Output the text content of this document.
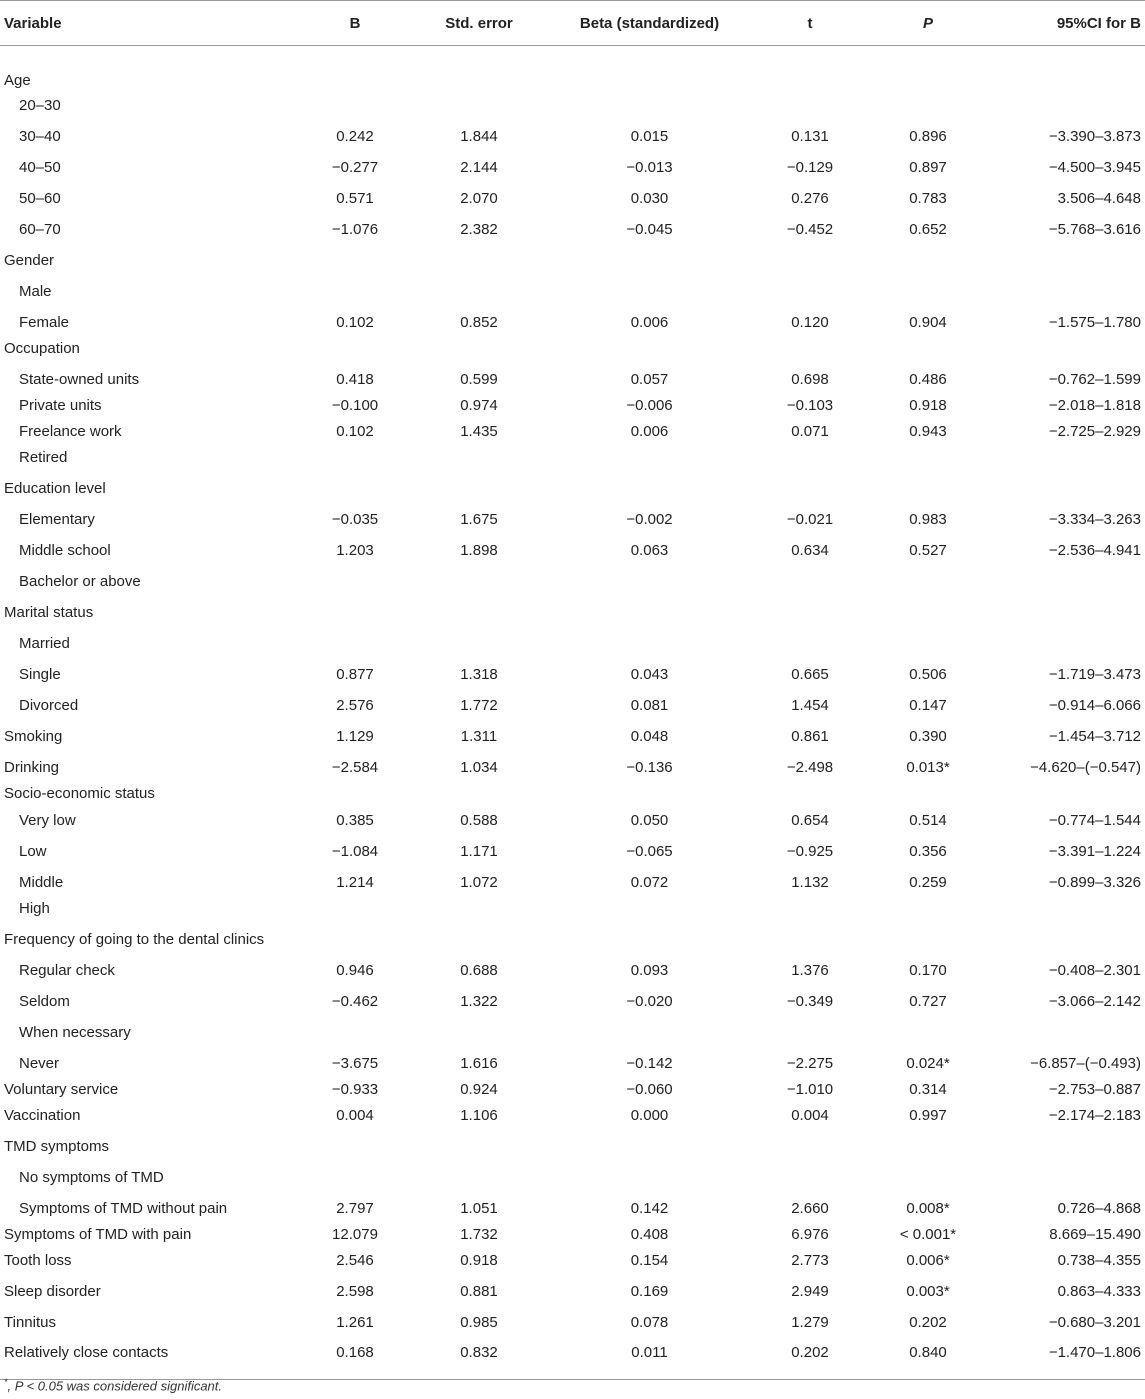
Variable	B	Std. error	Beta (standardized)	t	P	95%CI for B
Age						
20–30						
30–40	0.242	1.844	0.015	0.131	0.896	−3.390–3.873
40–50	−0.277	2.144	−0.013	−0.129	0.897	−4.500–3.945
50–60	0.571	2.070	0.030	0.276	0.783	3.506–4.648
60–70	−1.076	2.382	−0.045	−0.452	0.652	−5.768–3.616
Gender						
Male						
Female	0.102	0.852	0.006	0.120	0.904	−1.575–1.780
Occupation						
State-owned units	0.418	0.599	0.057	0.698	0.486	−0.762–1.599
Private units	−0.100	0.974	−0.006	−0.103	0.918	−2.018–1.818
Freelance work	0.102	1.435	0.006	0.071	0.943	−2.725–2.929
Retired						
Education level						
Elementary	−0.035	1.675	−0.002	−0.021	0.983	−3.334–3.263
Middle school	1.203	1.898	0.063	0.634	0.527	−2.536–4.941
Bachelor or above						
Marital status						
Married						
Single	0.877	1.318	0.043	0.665	0.506	−1.719–3.473
Divorced	2.576	1.772	0.081	1.454	0.147	−0.914–6.066
Smoking	1.129	1.311	0.048	0.861	0.390	−1.454–3.712
Drinking	−2.584	1.034	−0.136	−2.498	0.013*	−4.620–(−0.547)
Socio-economic status						
Very low	0.385	0.588	0.050	0.654	0.514	−0.774–1.544
Low	−1.084	1.171	−0.065	−0.925	0.356	−3.391–1.224
Middle	1.214	1.072	0.072	1.132	0.259	−0.899–3.326
High						
Frequency of going to the dental clinics						
Regular check	0.946	0.688	0.093	1.376	0.170	−0.408–2.301
Seldom	−0.462	1.322	−0.020	−0.349	0.727	−3.066–2.142
When necessary						
Never	−3.675	1.616	−0.142	−2.275	0.024*	−6.857–(−0.493)
Voluntary service	−0.933	0.924	−0.060	−1.010	0.314	−2.753–0.887
Vaccination	0.004	1.106	0.000	0.004	0.997	−2.174–2.183
TMD symptoms						
No symptoms of TMD						
Symptoms of TMD without pain	2.797	1.051	0.142	2.660	0.008*	0.726–4.868
Symptoms of TMD with pain	12.079	1.732	0.408	6.976	< 0.001*	8.669–15.490
Tooth loss	2.546	0.918	0.154	2.773	0.006*	0.738–4.355
Sleep disorder	2.598	0.881	0.169	2.949	0.003*	0.863–4.333
Tinnitus	1.261	0.985	0.078	1.279	0.202	−0.680–3.201
Relatively close contacts	0.168	0.832	0.011	0.202	0.840	−1.470–1.806
*, P < 0.05 was considered significant.
